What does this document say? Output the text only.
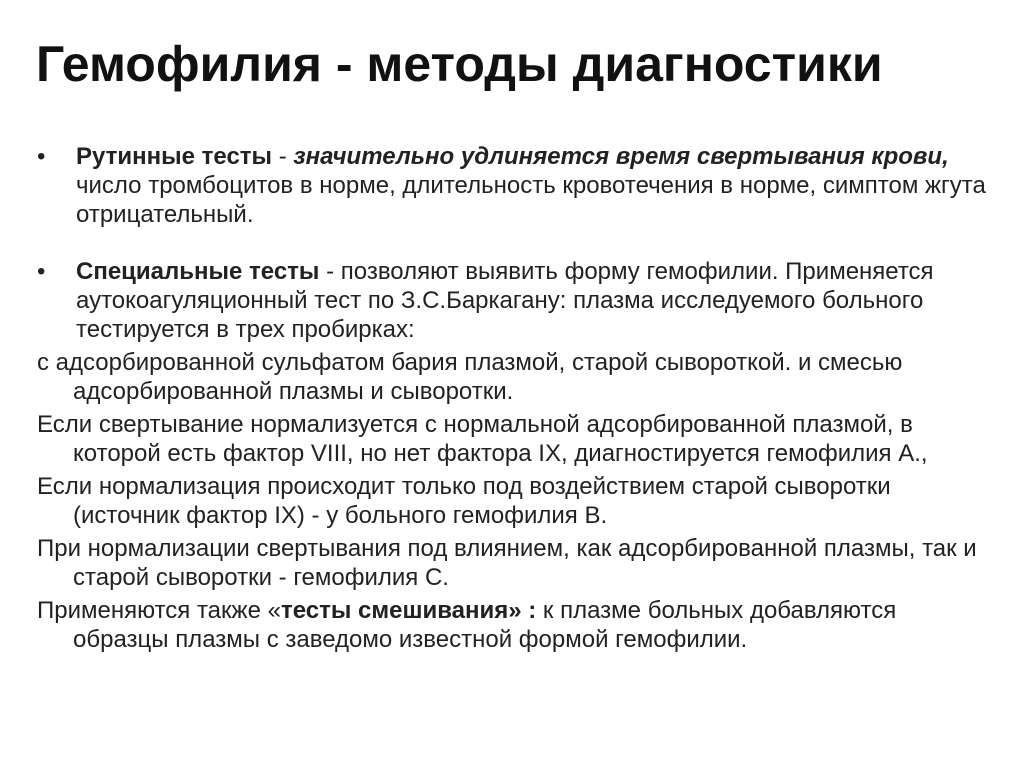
Гемофилия - методы диагностики
• Рутинные тесты - значительно удлиняется время свертывания крови, число тромбоцитов в норме, длительность кровотечения в норме, симптом жгута отрицательный.
• Специальные тесты - позволяют выявить форму гемофилии. Применяется аутокоагуляционный тест по З.С.Баркагану: плазма исследуемого больного тестируется в трех пробирках:
с адсорбированной сульфатом бария плазмой, старой сывороткой. и смесью адсорбированной плазмы и сыворотки.
Если свертывание нормализуется с нормальной адсорбированной плазмой, в которой есть фактор VIII, но нет фактора IX, диагностируется гемофилия А.,
Если нормализация происходит только под воздействием старой сыворотки (источник фактор IX) - у больного гемофилия В.
При нормализации свертывания под влиянием, как адсорбированной плазмы, так и старой сыворотки - гемофилия С.
Применяются также «тесты смешивания» : к плазме больных добавляются образцы плазмы с заведомо известной формой гемофилии.
